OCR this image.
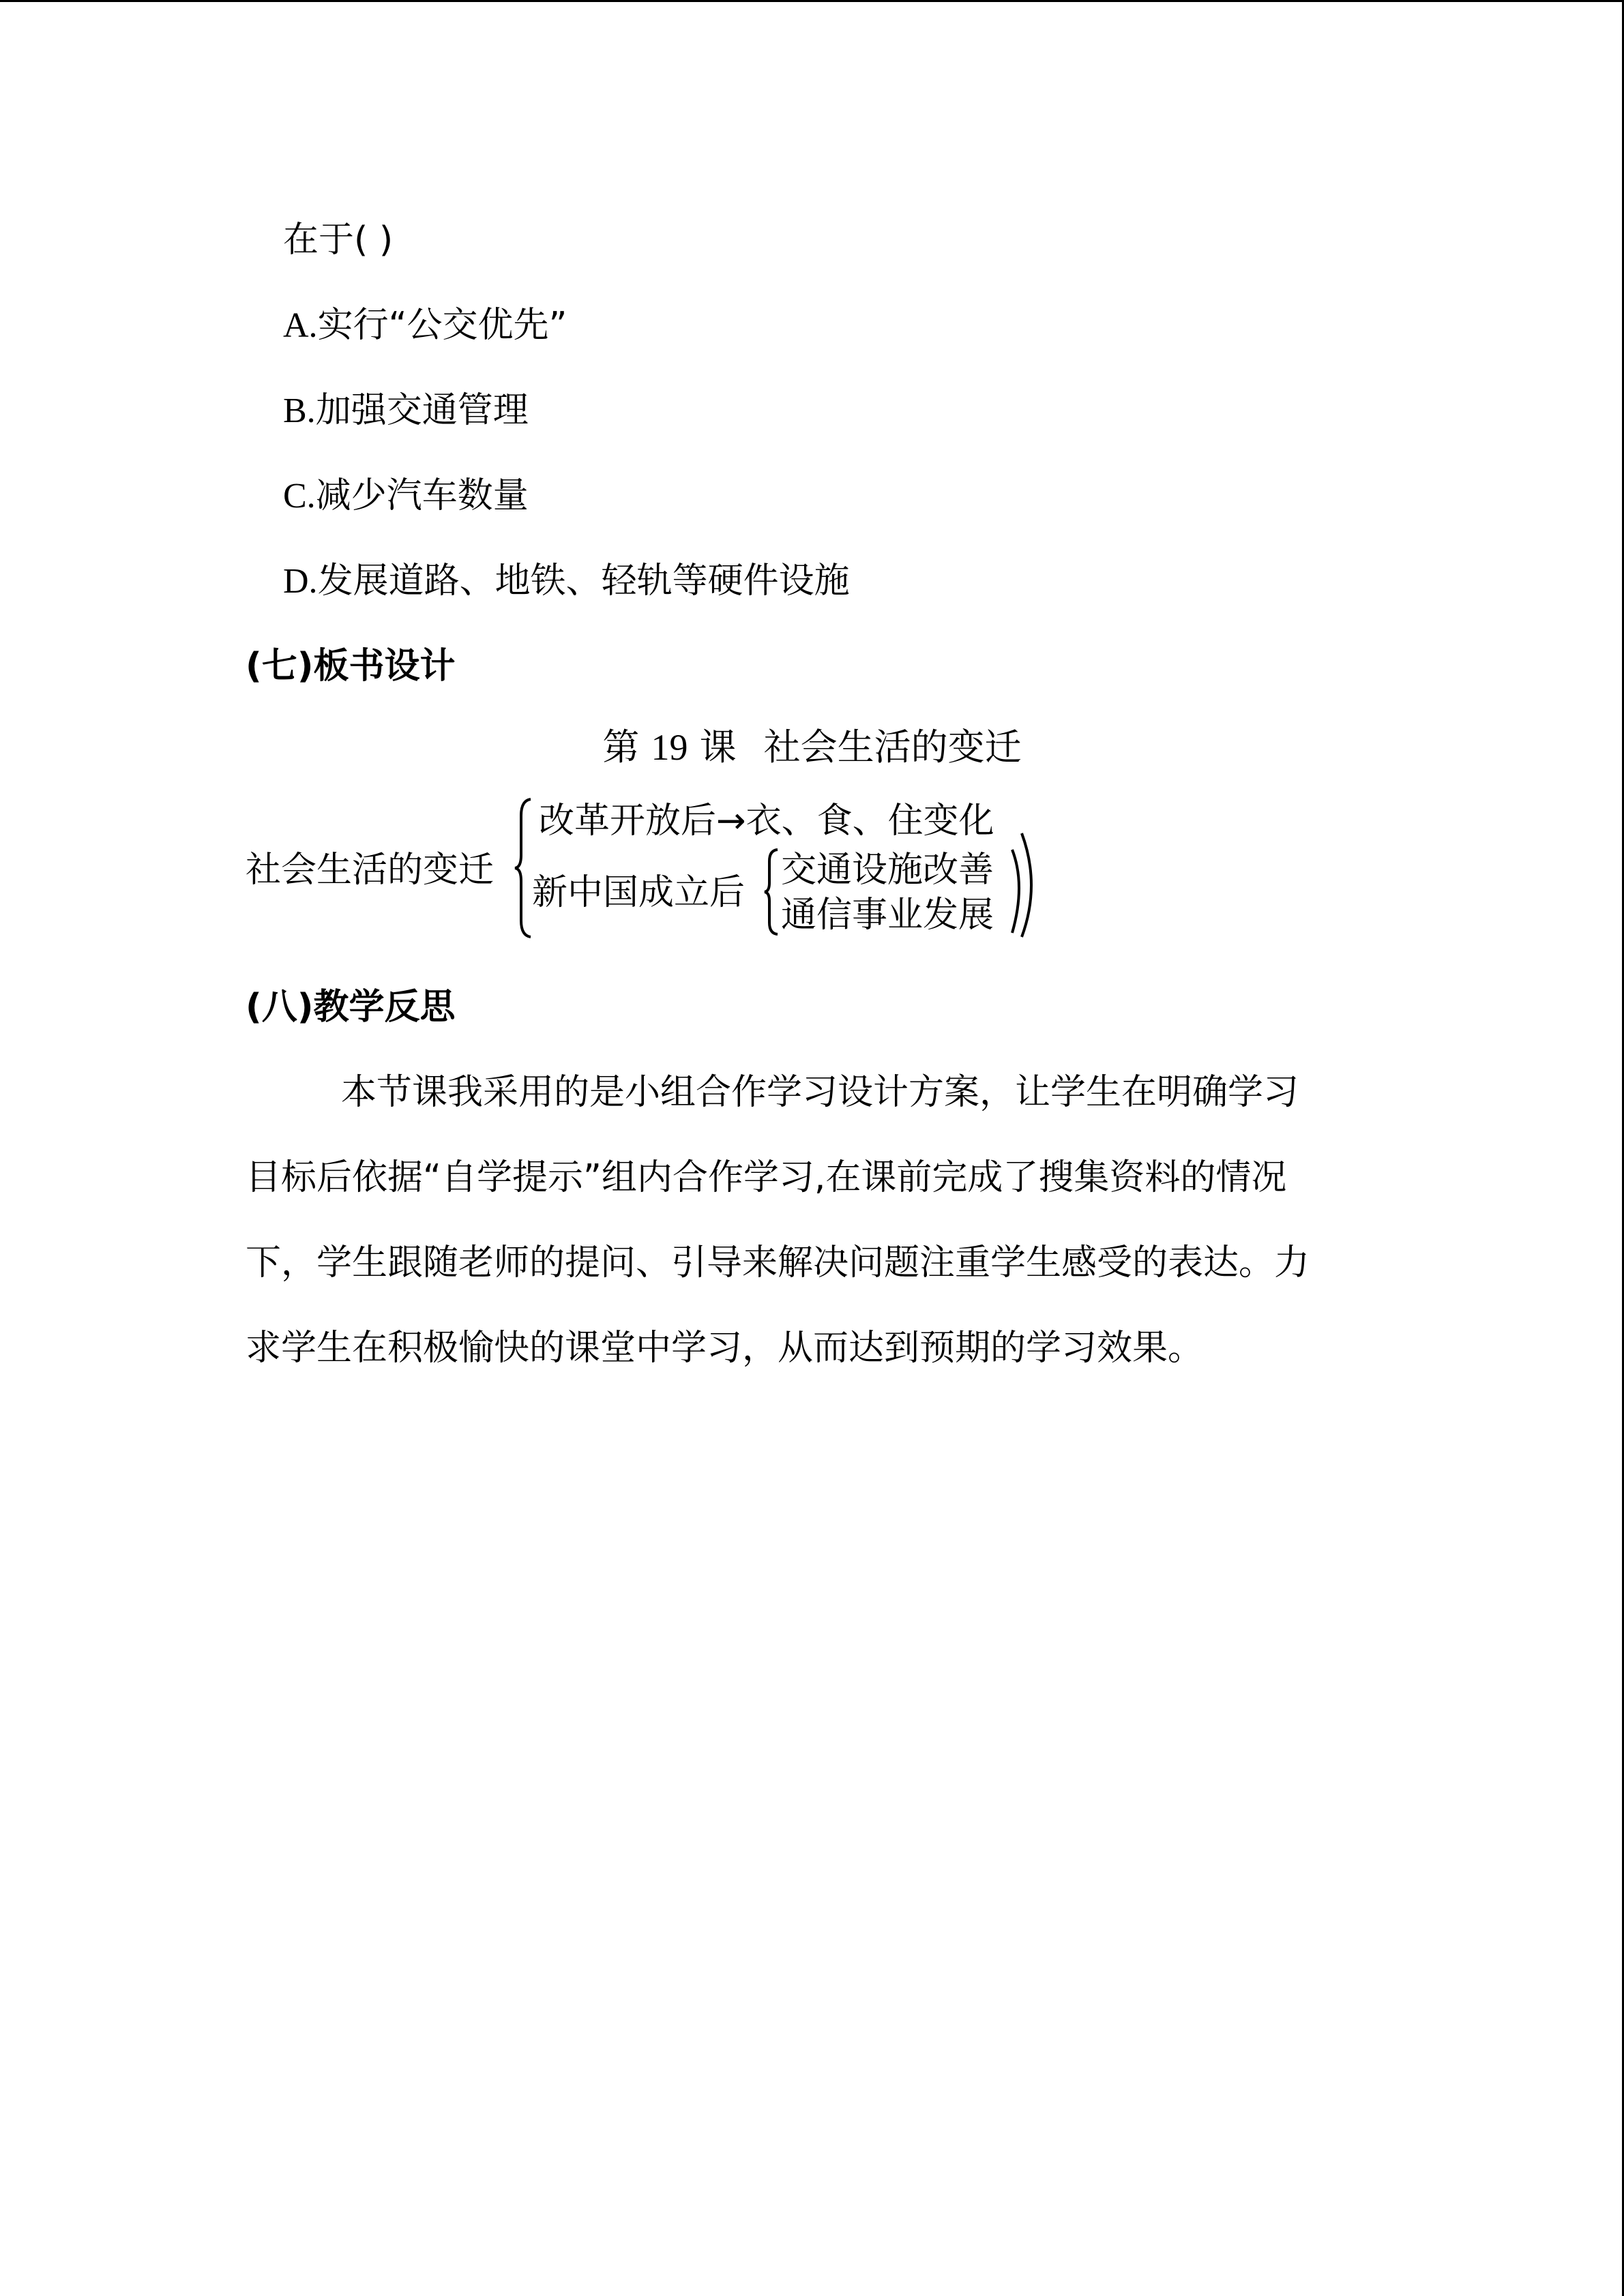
在于( )
A.实行“公交优先”
B.加强交通管理
C.减少汽车数量
D.发展道路、地铁、轻轨等硬件设施
(七)板书设计
第 19 课 社会生活的变迁
社会生活的变迁
改革开放后→衣、食、住变化
新中国成立后
交通设施改善
通信事业发展
(八)教学反思
本节课我采用的是小组合作学习设计方案，让学生在明确学习
目标后依据“自学提示”组内合作学习,在课前完成了搜集资料的情况
下，学生跟随老师的提问、引导来解决问题注重学生感受的表达。力
求学生在积极愉快的课堂中学习，从而达到预期的学习效果。
